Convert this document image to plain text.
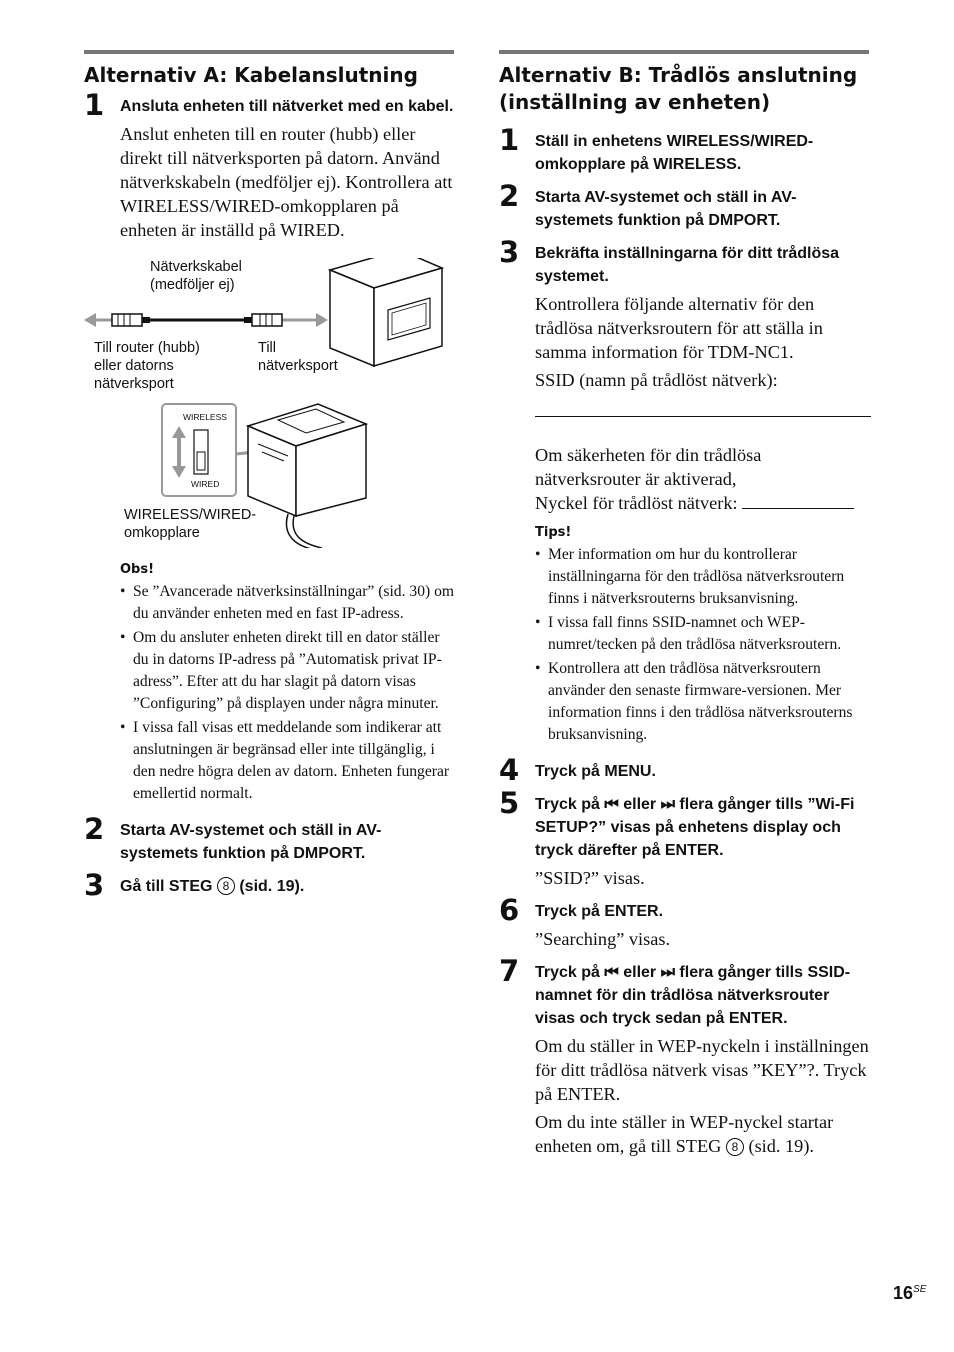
Alternativ A: Kabelanslutning
1 Ansluta enheten till nätverket med en kabel.
Anslut enheten till en router (hubb) eller direkt till nätverksporten på datorn. Använd nätverkskabeln (medföljer ej). Kontrollera att WIRELESS/WIRED-omkopplaren på enheten är inställd på WIRED.
Nätverkskabel
(medföljer ej)
Till router (hubb)
eller datorns
nätverksport
Till
nätverksport
WIRELESS
WIRED
WIRELESS/WIRED-
omkopplare
Obs!
• Se ”Avancerade nätverksinställningar” (sid. 30) om du använder enheten med en fast IP-adress.
• Om du ansluter enheten direkt till en dator ställer du in datorns IP-adress på ”Automatisk privat IP-adress”. Efter att du har slagit på datorn visas ”Configuring” på displayen under några minuter.
• I vissa fall visas ett meddelande som indikerar att anslutningen är begränsad eller inte tillgänglig, i den nedre högra delen av datorn. Enheten fungerar emellertid normalt.
2 Starta AV-systemet och ställ in AV-systemets funktion på DMPORT.
3 Gå till STEG 8 (sid. 19).
Alternativ B: Trådlös anslutning (inställning av enheten)
1 Ställ in enhetens WIRELESS/WIRED-omkopplare på WIRELESS.
2 Starta AV-systemet och ställ in AV-systemets funktion på DMPORT.
3 Bekräfta inställningarna för ditt trådlösa systemet.
Kontrollera följande alternativ för den trådlösa nätverksroutern för att ställa in samma information för TDM-NC1.
SSID (namn på trådlöst nätverk):
Om säkerheten för din trådlösa nätverksrouter är aktiverad,
Nyckel för trådlöst nätverk:
Tips!
• Mer information om hur du kontrollerar inställningarna för den trådlösa nätverksroutern finns i nätverksrouterns bruksanvisning.
• I vissa fall finns SSID-namnet och WEP-numret/tecken på den trådlösa nätverksroutern.
• Kontrollera att den trådlösa nätverksroutern använder den senaste firmware-versionen. Mer information finns i den trådlösa nätverksrouterns bruksanvisning.
4 Tryck på MENU.
5 Tryck på ⏮ eller ⏭ flera gånger tills ”Wi-Fi SETUP?” visas på enhetens display och tryck därefter på ENTER.
”SSID?” visas.
6 Tryck på ENTER.
”Searching” visas.
7 Tryck på ⏮ eller ⏭ flera gånger tills SSID-namnet för din trådlösa nätverksrouter visas och tryck sedan på ENTER.
Om du ställer in WEP-nyckeln i inställningen för ditt trådlösa nätverk visas ”KEY”?. Tryck på ENTER.
Om du inte ställer in WEP-nyckel startar enheten om, gå till STEG 8 (sid. 19).
$16^{SE}$
